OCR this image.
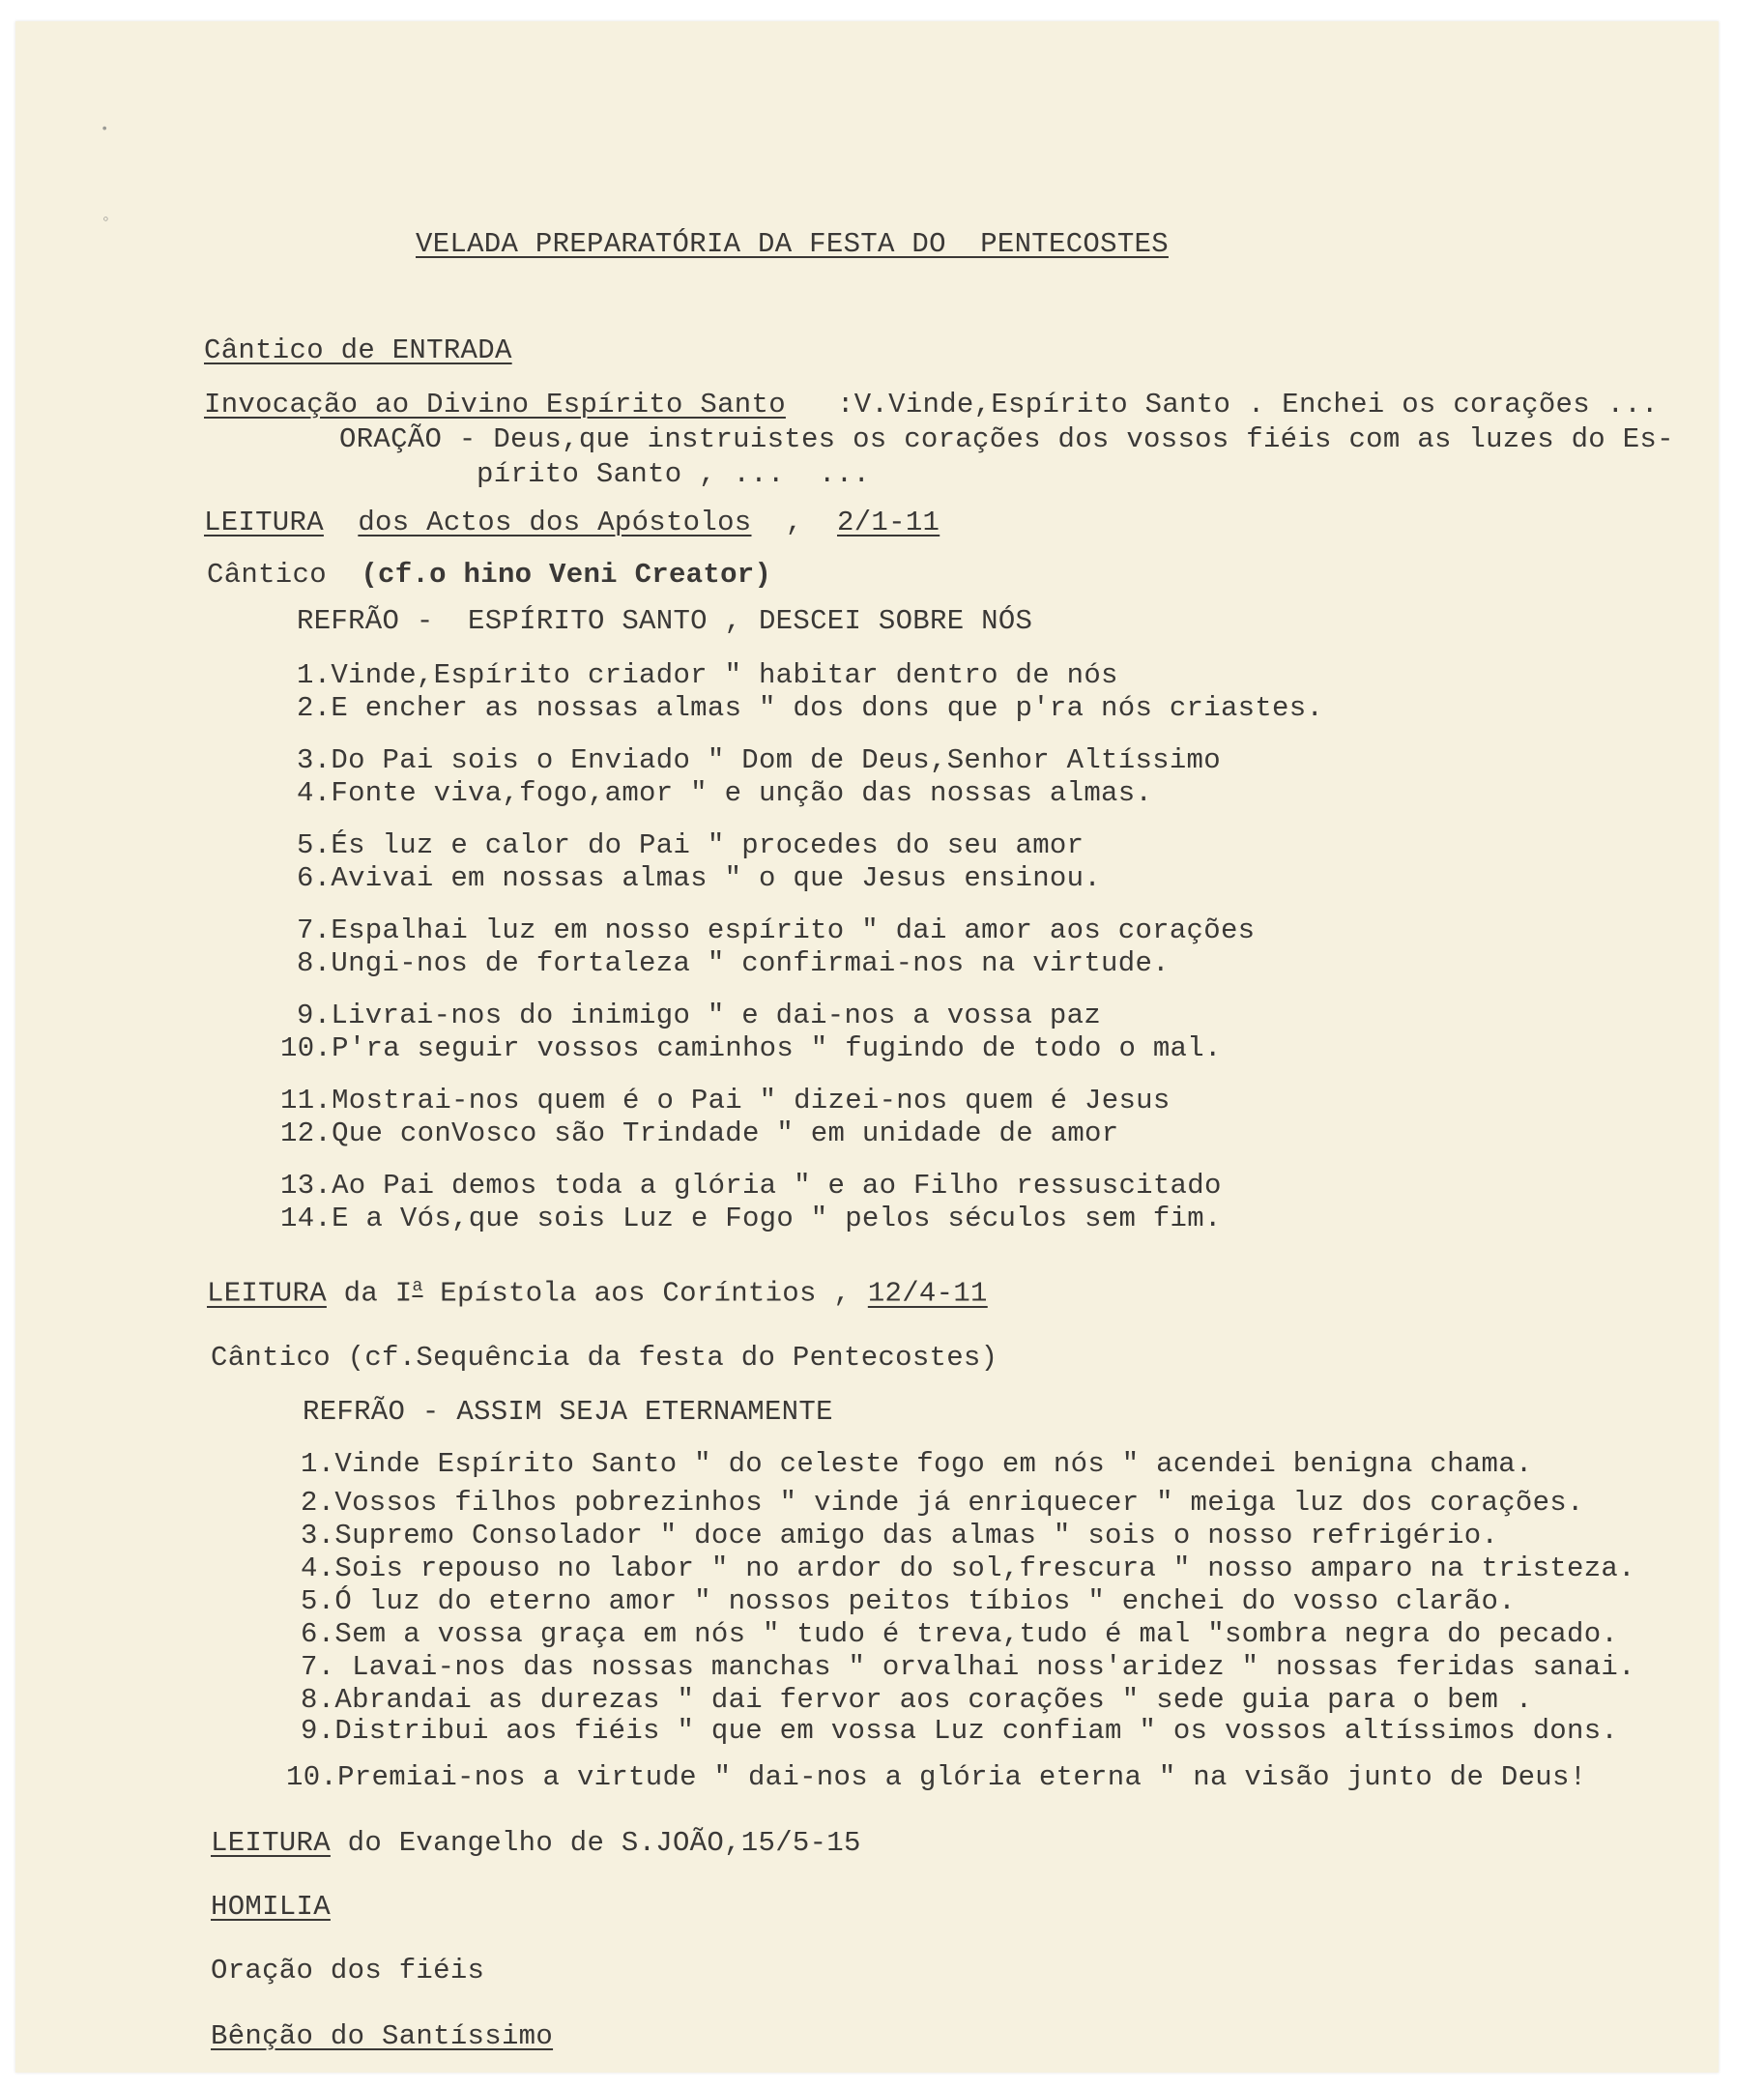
•
◦
VELADA PREPARATÓRIA DA FESTA DO  PENTECOSTES
Cântico de ENTRADA
Invocação ao Divino Espírito Santo :V.Vinde,Espírito Santo . Enchei os corações ...
ORAÇÃO - Deus,que instruistes os corações dos vossos fiéis com as luzes do Es-
pírito Santo , ...  ...
LEITURA dos Actos dos Apóstolos , 2/1-11
Cântico (cf.o hino Veni Creator)
REFRÃO -  ESPÍRITO SANTO , DESCEI SOBRE NÓS
1.Vinde,Espírito criador " habitar dentro de nós
2.E encher as nossas almas " dos dons que p'ra nós criastes.
3.Do Pai sois o Enviado " Dom de Deus,Senhor Altíssimo
4.Fonte viva,fogo,amor " e unção das nossas almas.
5.És luz e calor do Pai " procedes do seu amor
6.Avivai em nossas almas " o que Jesus ensinou.
7.Espalhai luz em nosso espírito " dai amor aos corações
8.Ungi-nos de fortaleza " confirmai-nos na virtude.
9.Livrai-nos do inimigo " e dai-nos a vossa paz
10.P'ra seguir vossos caminhos " fugindo de todo o mal.
11.Mostrai-nos quem é o Pai " dizei-nos quem é Jesus
12.Que conVosco são Trindade " em unidade de amor
13.Ao Pai demos toda a glória " e ao Filho ressuscitado
14.E a Vós,que sois Luz e Fogo " pelos séculos sem fim.
LEITURA da $I^a$ Epístola aos Coríntios , 12/4-11
Cântico (cf.Sequência da festa do Pentecostes)
REFRÃO - ASSIM SEJA ETERNAMENTE
1.Vinde Espírito Santo " do celeste fogo em nós " acendei benigna chama.
2.Vossos filhos pobrezinhos " vinde já enriquecer " meiga luz dos corações.
3.Supremo Consolador " doce amigo das almas " sois o nosso refrigério.
4.Sois repouso no labor " no ardor do sol,frescura " nosso amparo na tristeza.
5.Ó luz do eterno amor " nossos peitos tíbios " enchei do vosso clarão.
6.Sem a vossa graça em nós " tudo é treva,tudo é mal "sombra negra do pecado.
7. Lavai-nos das nossas manchas " orvalhai noss'aridez " nossas feridas sanai.
8.Abrandai as durezas " dai fervor aos corações " sede guia para o bem .
9.Distribui aos fiéis " que em vossa Luz confiam " os vossos altíssimos dons.
10.Premiai-nos a virtude " dai-nos a glória eterna " na visão junto de Deus!
LEITURA do Evangelho de S.JOÃO,15/5-15
HOMILIA
Oração dos fiéis
Bênção do Santíssimo
